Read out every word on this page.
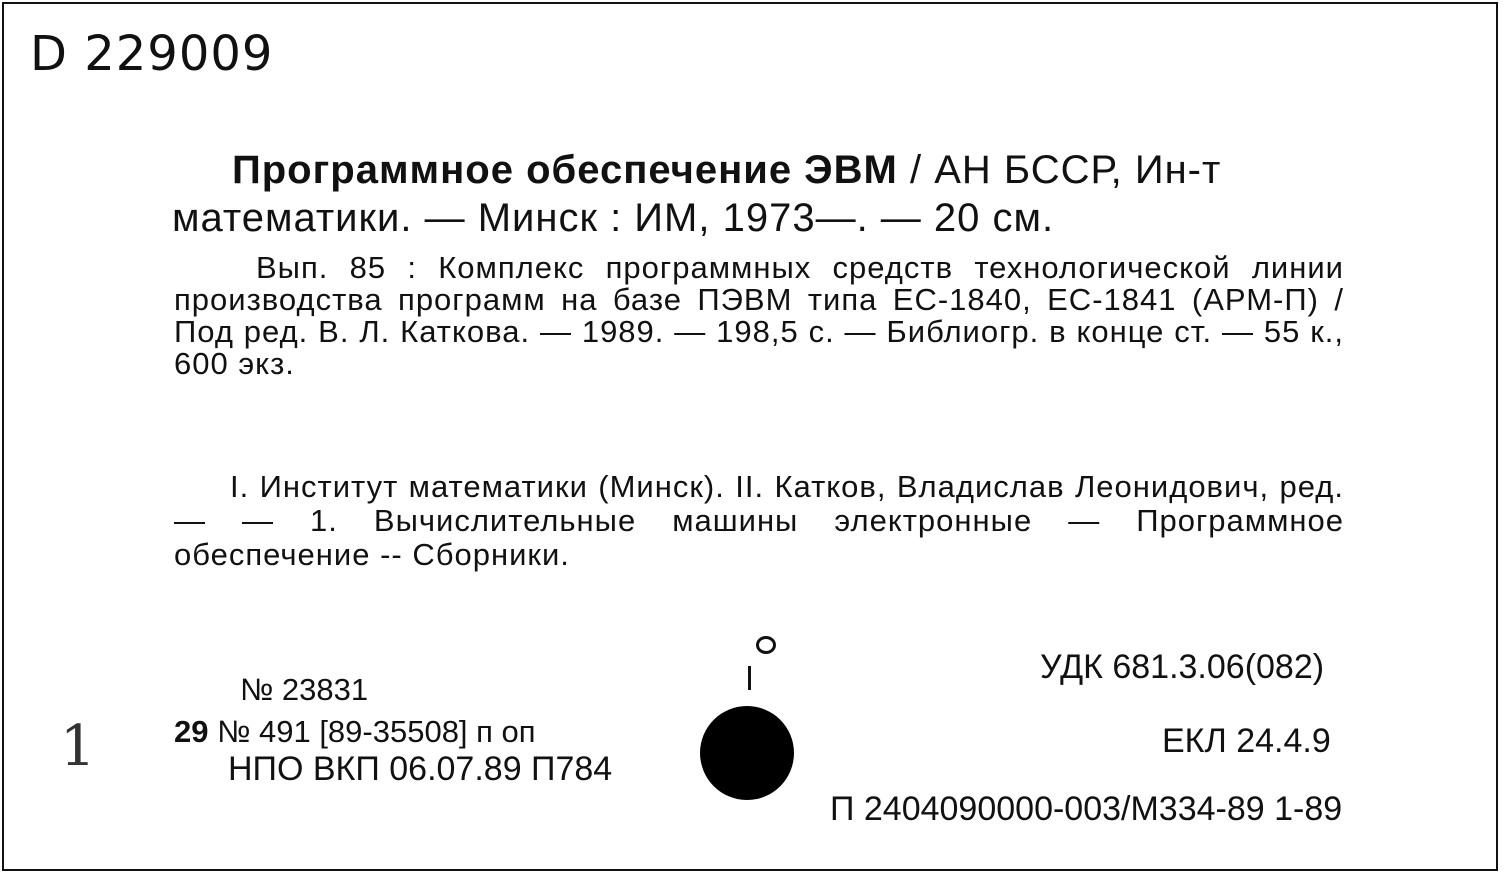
D 229009
Программное обеспечение ЭВМ / АН БССР, Ин-т
математики. — Минск : ИМ, 1973—. — 20 см.
Вып. 85 : Комплекс программных средств технологической линии производства программ на базе ПЭВМ типа ЕС-1840, ЕС-1841 (АРМ-П) / Под ред. В. Л. Каткова. — 1989. — 198,5 с. — Библиогр. в конце ст. — 55 к., 600 экз.
I. Институт математики (Минск). II. Катков, Владислав Леонидович, ред. — — 1. Вычислительные машины электронные — Программное обеспечение -- Сборники.
№ 23831
29 № 491 [89-35508] п оп
НПО ВКП 06.07.89 П784
УДК 681.3.06(082)
ЕКЛ 24.4.9
П 2404090000-003/М334-89 1-89
1
